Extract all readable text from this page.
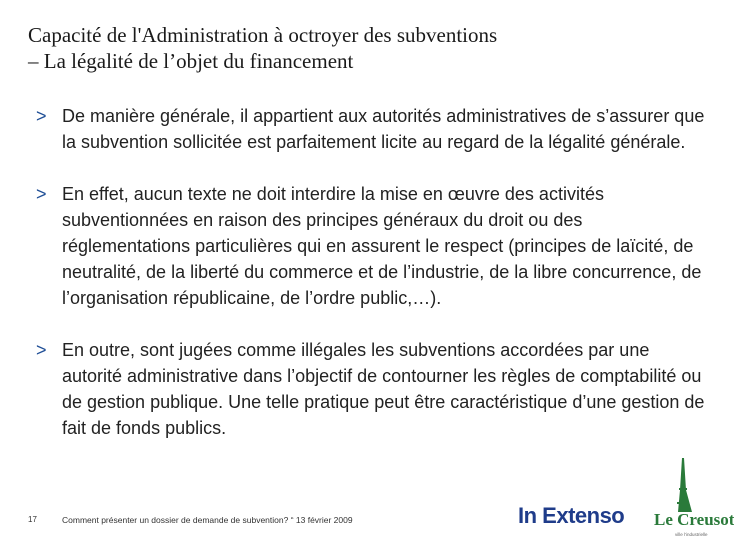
Capacité de l'Administration à octroyer des subventions
– La légalité de l’objet du financement
> De manière générale, il appartient aux autorités administratives de s’assurer que la subvention sollicitée est parfaitement licite au regard de la légalité générale.
> En effet, aucun texte ne doit interdire la mise en œuvre des activités subventionnées en raison des principes généraux du droit ou des réglementations particulières qui en assurent le respect (principes de laïcité, de neutralité, de la liberté du commerce et de l’industrie, de la libre concurrence, de l’organisation républicaine, de l’ordre public,…).
> En outre, sont jugées comme illégales les subventions accordées par une autorité administrative dans l’objectif de contourner les règles de comptabilité ou de gestion publique. Une telle pratique peut être caractéristique d’une gestion de fait de fonds publics.
17	Comment présenter un dossier de demande de subvention? “ 13 février 2009	In Extenso Le Creusot
ville l’industrielle
